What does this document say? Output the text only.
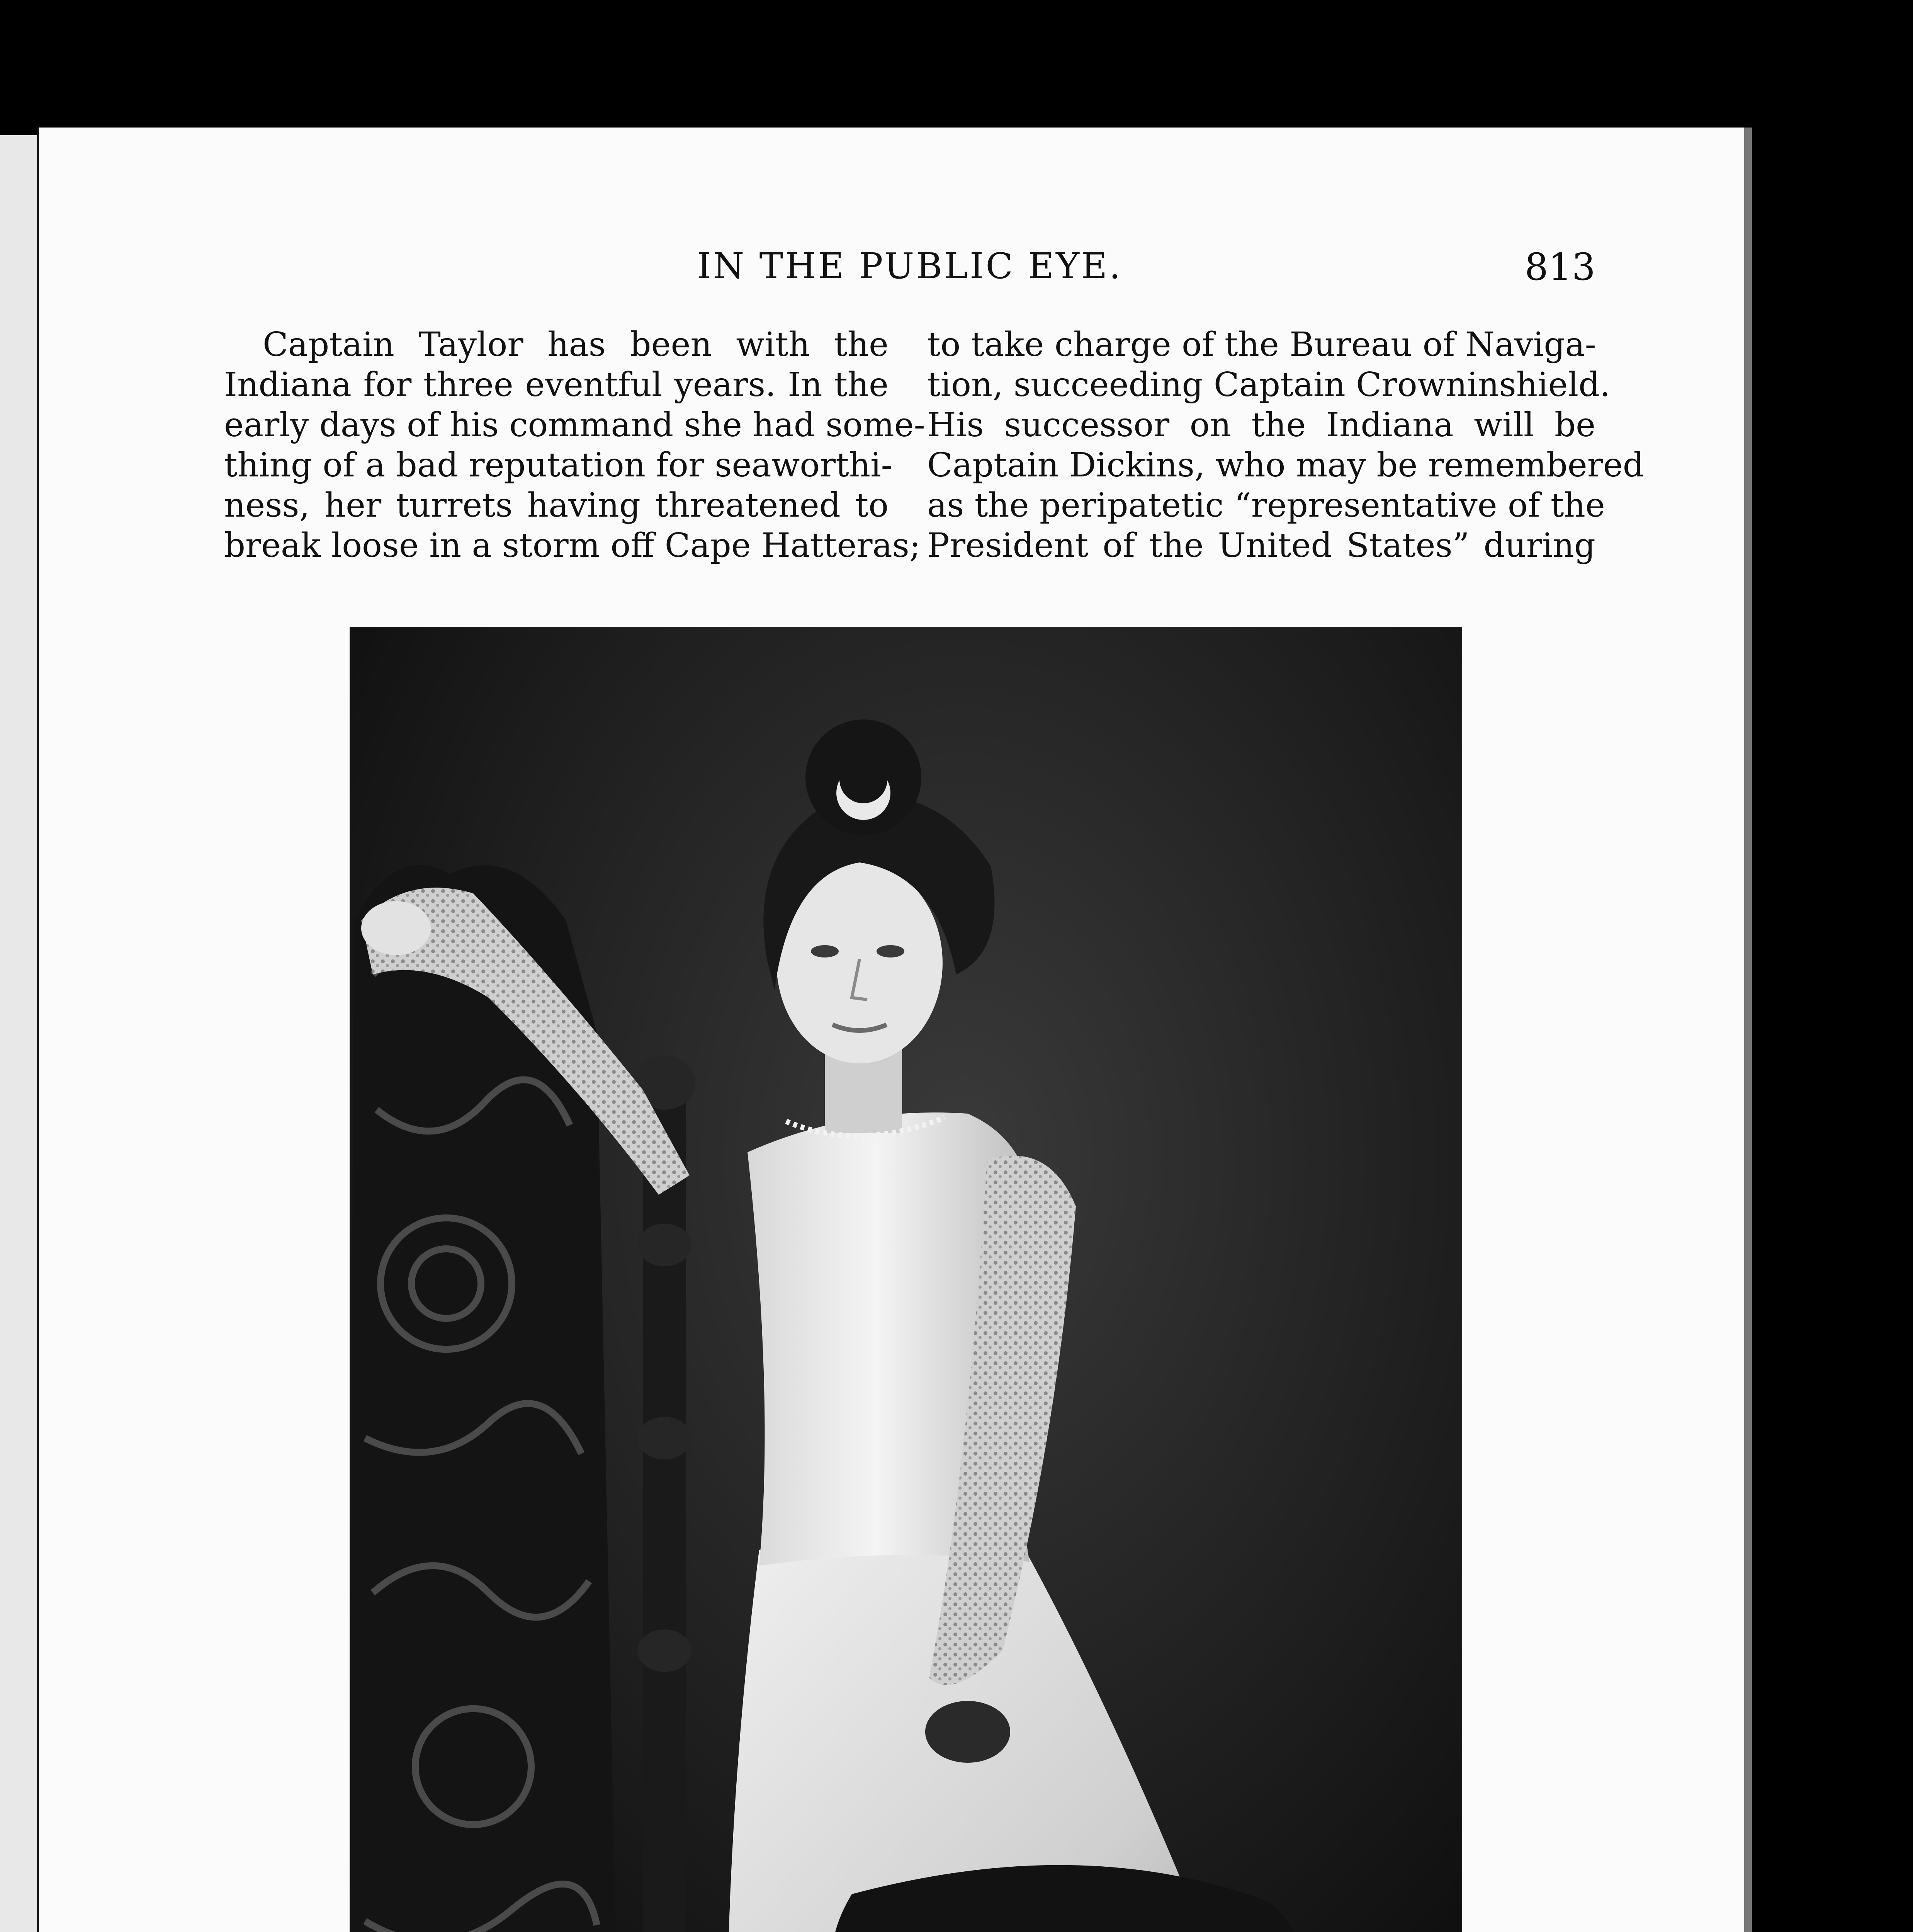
IN THE PUBLIC EYE.	813
Captain Taylor has been with the
Indiana for three eventful years. In the
early days of his command she had some-
thing of a bad reputation for seaworthi-
ness, her turrets having threatened to
break loose in a storm off Cape Hatteras;
to take charge of the Bureau of Naviga-
tion, succeeding Captain Crowninshield.
His successor on the Indiana will be
Captain Dickins, who may be remembered
as the peripatetic “representative of the
President of the United States” during
